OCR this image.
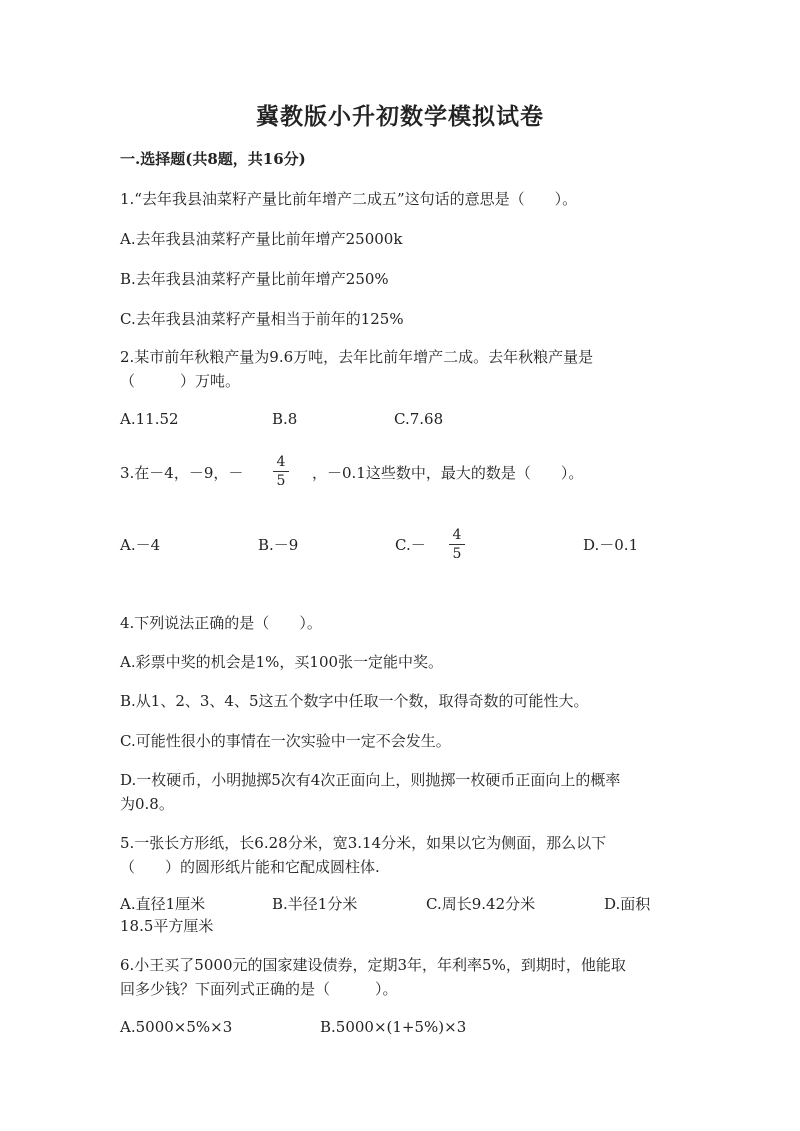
冀教版小升初数学模拟试卷
一.选择题(共8题，共16分)
1.“去年我县油菜籽产量比前年增产二成五”这句话的意思是（　　）。
A.去年我县油菜籽产量比前年增产25000k
B.去年我县油菜籽产量比前年增产250%
C.去年我县油菜籽产量相当于前年的125%
2.某市前年秋粮产量为9.6万吨，去年比前年增产二成。去年秋粮产量是
（　　　）万吨。
A.11.52	B.8	C.7.68
3.在－4，－9，－
4
5 ，－0.1这些数中，最大的数是（　　）。
A.－4	B.－9	C.－
4
5	D.－0.1
4.下列说法正确的是（　　）。
A.彩票中奖的机会是1%，买100张一定能中奖。
B.从1、2、3、4、5这五个数字中任取一个数，取得奇数的可能性大。
C.可能性很小的事情在一次实验中一定不会发生。
D.一枚硬币，小明抛掷5次有4次正面向上，则抛掷一枚硬币正面向上的概率
为0.8。
5.一张长方形纸，长6.28分米，宽3.14分米，如果以它为侧面，那么以下
（　　）的圆形纸片能和它配成圆柱体.
A.直径1厘米	B.半径1分米	C.周长9.42分米	D.面积
18.5平方厘米
6.小王买了5000元的国家建设债券，定期3年，年利率5%，到期时，他能取
回多少钱？下面列式正确的是（　　　）。
A.5000×5%×3	B.5000×(1+5%)×3
